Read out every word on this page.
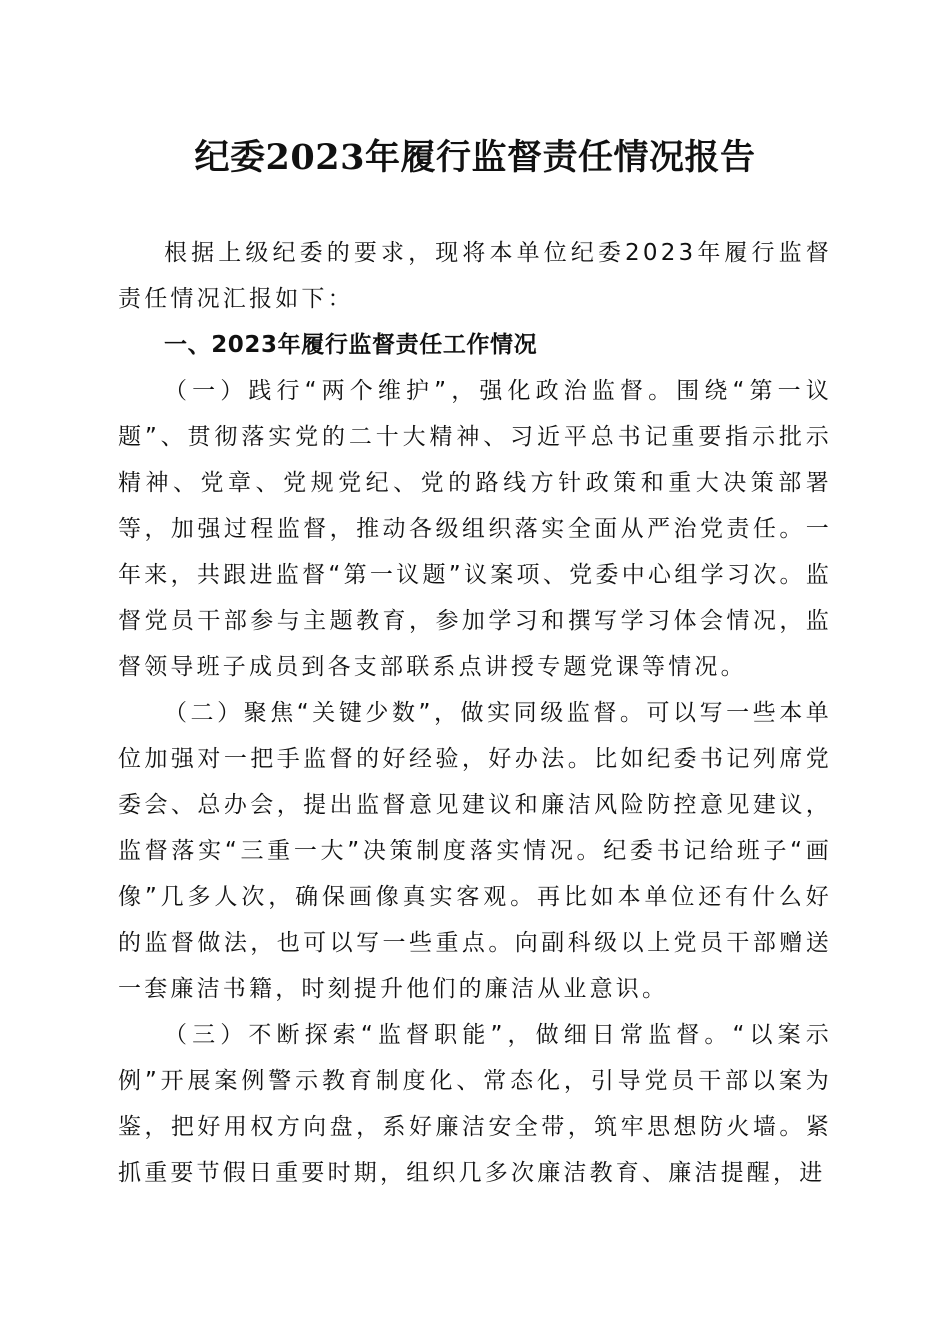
纪委2023年履行监督责任情况报告

根据上级纪委的要求，现将本单位纪委2023年履行监督责任情况汇报如下：

一、2023年履行监督责任工作情况

（一）践行“两个维护”，强化政治监督。围绕“第一议题”、贯彻落实党的二十大精神、习近平总书记重要指示批示精神、党章、党规党纪、党的路线方针政策和重大决策部署等，加强过程监督，推动各级组织落实全面从严治党责任。一年来，共跟进监督“第一议题”议案项、党委中心组学习次。监督党员干部参与主题教育，参加学习和撰写学习体会情况，监督领导班子成员到各支部联系点讲授专题党课等情况。

（二）聚焦“关键少数”，做实同级监督。可以写一些本单位加强对一把手监督的好经验，好办法。比如纪委书记列席党委会、总办会，提出监督意见建议和廉洁风险防控意见建议，监督落实“三重一大”决策制度落实情况。纪委书记给班子“画像”几多人次，确保画像真实客观。再比如本单位还有什么好的监督做法，也可以写一些重点。向副科级以上党员干部赠送一套廉洁书籍，时刻提升他们的廉洁从业意识。

（三）不断探索“监督职能”，做细日常监督。“以案示例”开展案例警示教育制度化、常态化，引导党员干部以案为鉴，把好用权方向盘，系好廉洁安全带，筑牢思想防火墙。紧抓重要节假日重要时期，组织几多次廉洁教育、廉洁提醒，进
